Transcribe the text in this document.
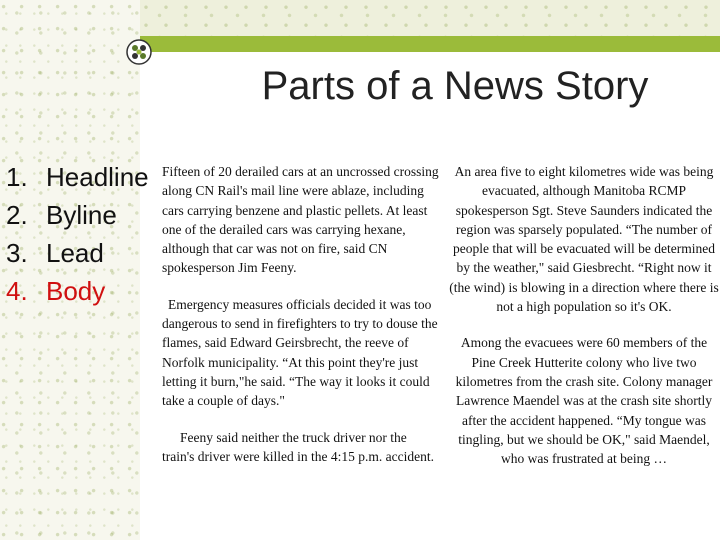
Parts of a News Story
1. Headline
2. Byline
3. Lead
4. Body

Fifteen of 20 derailed cars at an uncrossed crossing along CN Rail's mail line were ablaze, including cars carrying benzene and plastic pellets. At least one of the derailed cars was carrying hexane, although that car was not on fire, said CN spokesperson Jim Feeny.

Emergency measures officials decided it was too dangerous to send in firefighters to try to douse the flames, said Edward Geirsbrecht, the reeve of Norfolk municipality. “At this point they're just letting it burn,"he said. “The way it looks it could take a couple of days."

Feeny said neither the truck driver nor the train's driver were killed in the 4:15 p.m. accident.

An area five to eight kilometres wide was being evacuated, although Manitoba RCMP spokesperson Sgt. Steve Saunders indicated the region was sparsely populated. “The number of people that will be evacuated will be determined by the weather," said Giesbrecht. “Right now it (the wind) is blowing in a direction where there is not a high population so it's OK.

Among the evacuees were 60 members of the Pine Creek Hutterite colony who live two kilometres from the crash site. Colony manager Lawrence Maendel was at the crash site shortly after the accident happened. “My tongue was tingling, but we should be OK," said Maendel, who was frustrated at being …
